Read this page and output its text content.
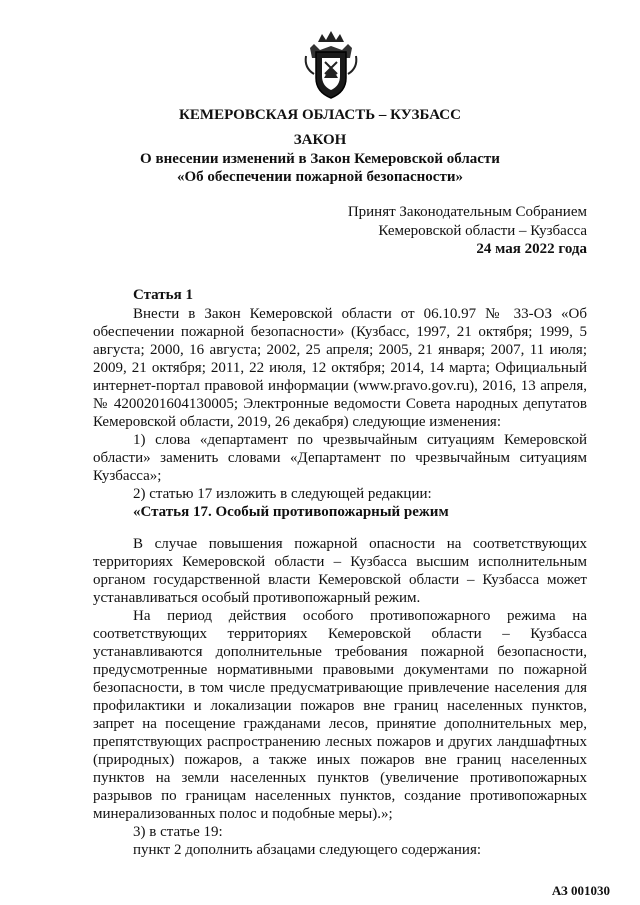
КЕМЕРОВСКАЯ ОБЛАСТЬ – КУЗБАСС
ЗАКОН
О внесении изменений в Закон Кемеровской области
«Об обеспечении пожарной безопасности»
Принят Законодательным Собранием
Кемеровской области – Кузбасса
24 мая 2022 года
Статья 1

Внести в Закон Кемеровской области от 06.10.97 № 33-ОЗ «Об обеспечении пожарной безопасности» (Кузбасс, 1997, 21 октября; 1999, 5 августа; 2000, 16 августа; 2002, 25 апреля; 2005, 21 января; 2007, 11 июля; 2009, 21 октября; 2011, 22 июля, 12 октября; 2014, 14 марта; Официальный интернет-портал правовой информации (www.pravo.gov.ru), 2016, 13 апреля, № 4200201604130005; Электронные ведомости Совета народных депутатов Кемеровской области, 2019, 26 декабря) следующие изменения:

1) слова «департамент по чрезвычайным ситуациям Кемеровской области» заменить словами «Департамент по чрезвычайным ситуациям Кузбасса»;

2) статью 17 изложить в следующей редакции:

«Статья 17. Особый противопожарный режим

В случае повышения пожарной опасности на соответствующих территориях Кемеровской области – Кузбасса высшим исполнительным органом государственной власти Кемеровской области – Кузбасса может устанавливаться особый противопожарный режим.

На период действия особого противопожарного режима на соответствующих территориях Кемеровской области – Кузбасса устанавливаются дополнительные требования пожарной безопасности, предусмотренные нормативными правовыми документами по пожарной безопасности, в том числе предусматривающие привлечение населения для профилактики и локализации пожаров вне границ населенных пунктов, запрет на посещение гражданами лесов, принятие дополнительных мер, препятствующих распространению лесных пожаров и других ландшафтных (природных) пожаров, а также иных пожаров вне границ населенных пунктов на земли населенных пунктов (увеличение противопожарных разрывов по границам населенных пунктов, создание противопожарных минерализованных полос и подобные меры).»;

3) в статье 19:

пункт 2 дополнить абзацами следующего содержания:

АЗ 001030
